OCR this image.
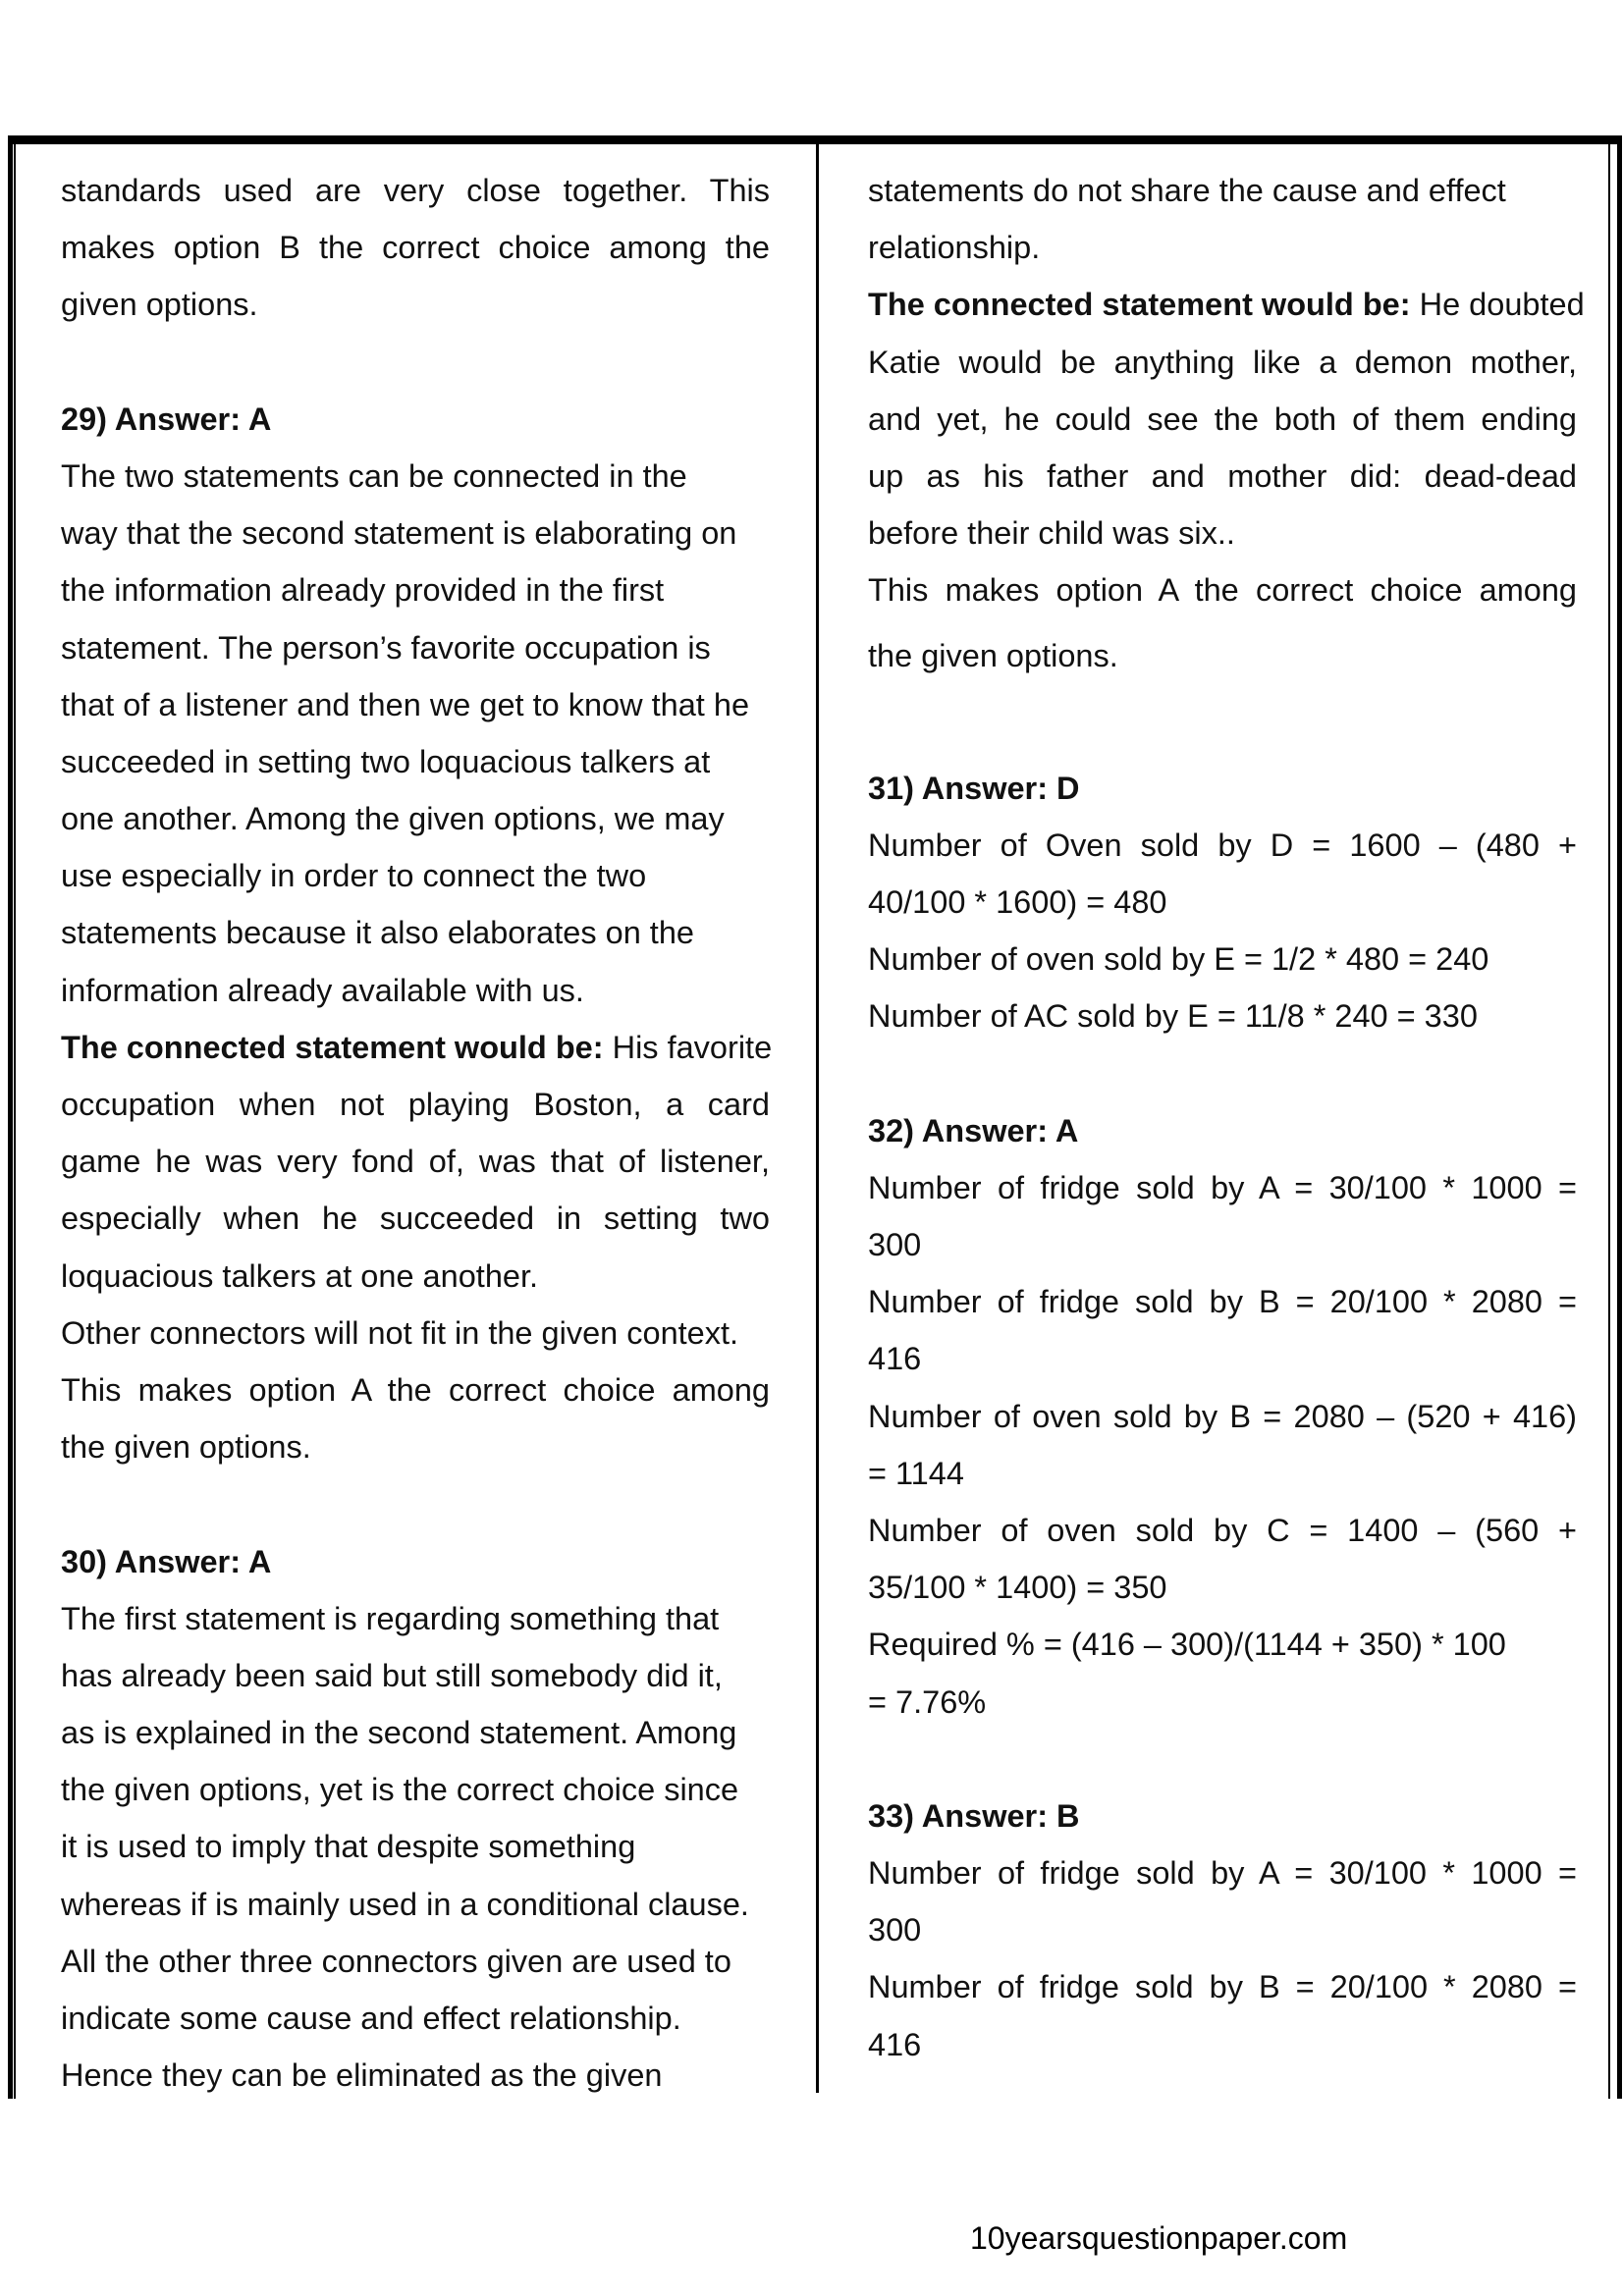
standards used are very close together. This
makes option B the correct choice among the
given options.
29) Answer: A
The two statements can be connected in the
way that the second statement is elaborating on
the information already provided in the first
statement. The person’s favorite occupation is
that of a listener and then we get to know that he
succeeded in setting two loquacious talkers at
one another. Among the given options, we may
use especially in order to connect the two
statements because it also elaborates on the
information already available with us.
The connected statement would be: His favorite
occupation when not playing Boston, a card
game he was very fond of, was that of listener,
especially when he succeeded in setting two
loquacious talkers at one another.
Other connectors will not fit in the given context.
This makes option A the correct choice among
the given options.
30) Answer: A
The first statement is regarding something that
has already been said but still somebody did it,
as is explained in the second statement. Among
the given options, yet is the correct choice since
it is used to imply that despite something
whereas if is mainly used in a conditional clause.
All the other three connectors given are used to
indicate some cause and effect relationship.
Hence they can be eliminated as the given
statements do not share the cause and effect
relationship.
The connected statement would be: He doubted
Katie would be anything like a demon mother,
and yet, he could see the both of them ending
up as his father and mother did: dead-dead
before their child was six..
This makes option A the correct choice among
the given options.
31) Answer: D
Number of Oven sold by D = 1600 – (480 +
40/100 * 1600) = 480
Number of oven sold by E = 1/2 * 480 = 240
Number of AC sold by E = 11/8 * 240 = 330
32) Answer: A
Number of fridge sold by A = 30/100 * 1000 =
300
Number of fridge sold by B = 20/100 * 2080 =
416
Number of oven sold by B = 2080 – (520 + 416)
= 1144
Number of oven sold by C = 1400 – (560 +
35/100 * 1400) = 350
Required % = (416 – 300)/(1144 + 350) * 100
= 7.76%
33) Answer: B
Number of fridge sold by A = 30/100 * 1000 =
300
Number of fridge sold by B = 20/100 * 2080 =
416
10yearsquestionpaper.com
